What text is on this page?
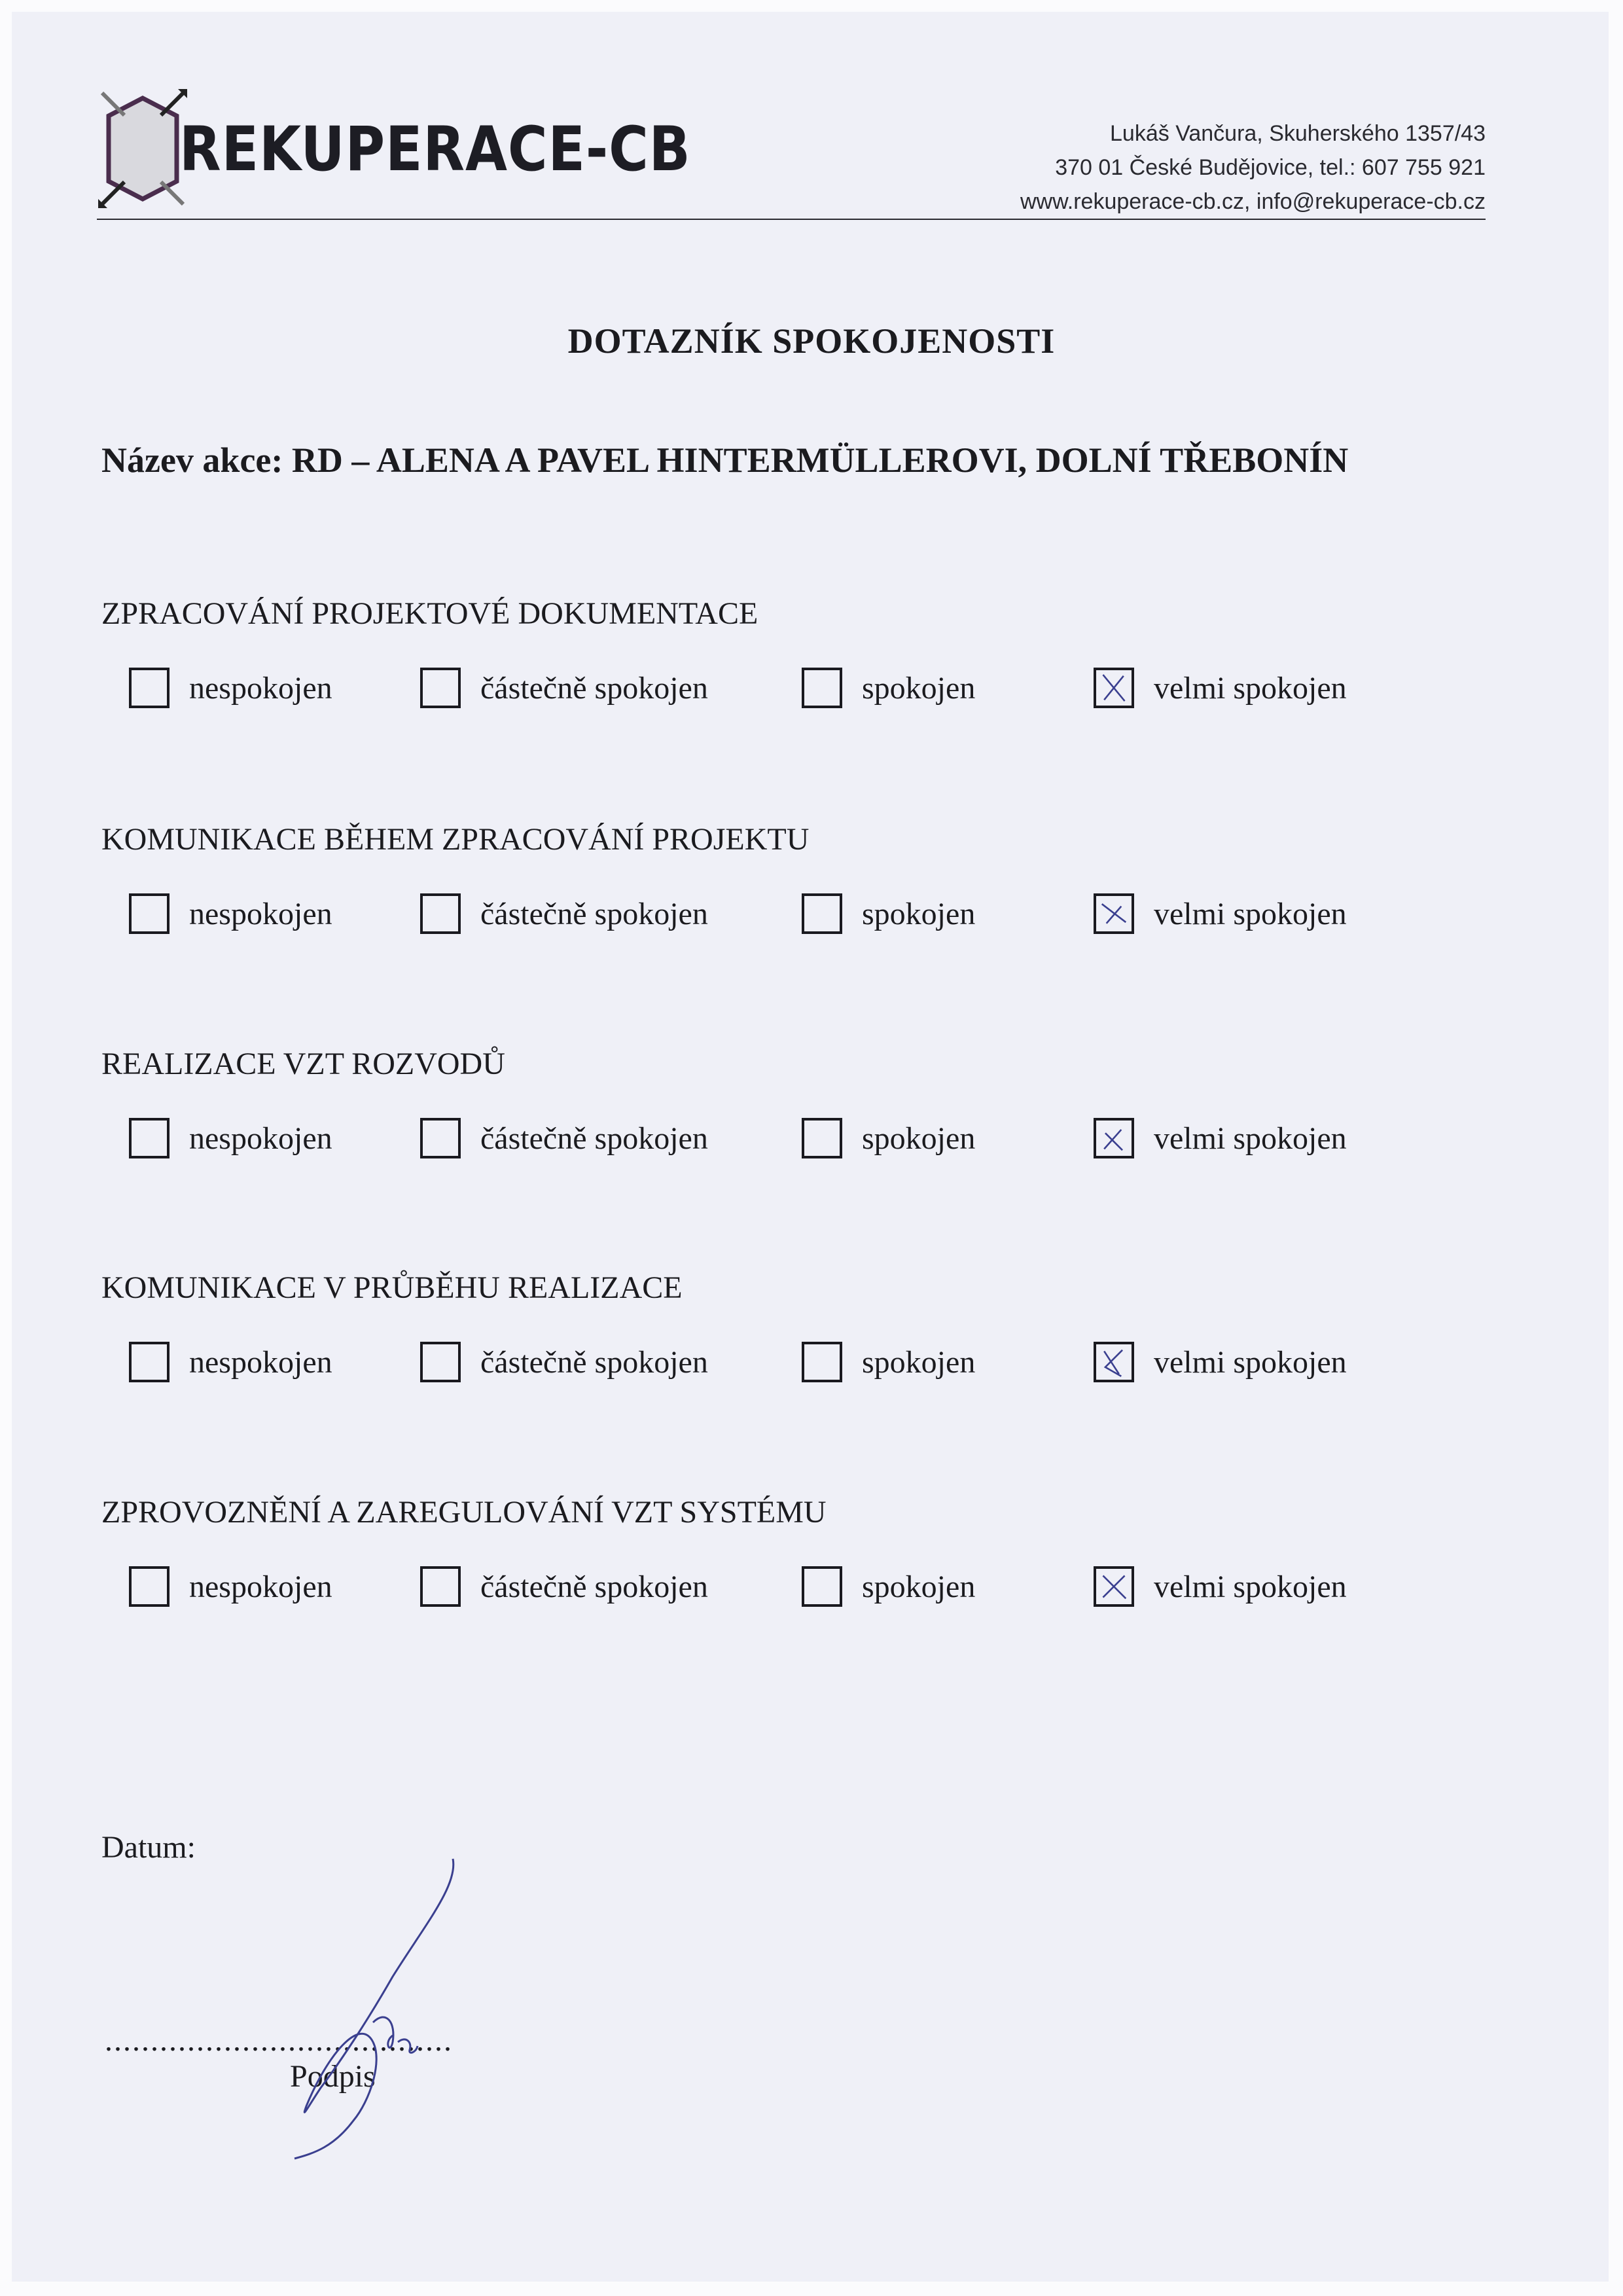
REKUPERACE-CB	Lukáš Vančura, Skuherského 1357/43
370 01 České Budějovice, tel.: 607 755 921
www.rekuperace-cb.cz, info@rekuperace-cb.cz
DOTAZNÍK SPOKOJENOSTI
Název akce: RD – ALENA A PAVEL HINTERMÜLLEROVI, DOLNÍ TŘEBONÍN
ZPRACOVÁNÍ PROJEKTOVÉ DOKUMENTACE
nespokojen	částečně spokojen	spokojen	velmi spokojen
KOMUNIKACE BĚHEM ZPRACOVÁNÍ PROJEKTU
nespokojen	částečně spokojen	spokojen	velmi spokojen
REALIZACE VZT ROZVODŮ
nespokojen	částečně spokojen	spokojen	velmi spokojen
KOMUNIKACE V PRŮBĚHU REALIZACE
nespokojen	částečně spokojen	spokojen	velmi spokojen
ZPROVOZNĚNÍ A ZAREGULOVÁNÍ VZT SYSTÉMU
nespokojen	částečně spokojen	spokojen	velmi spokojen
Datum:
......................................
Podpis
